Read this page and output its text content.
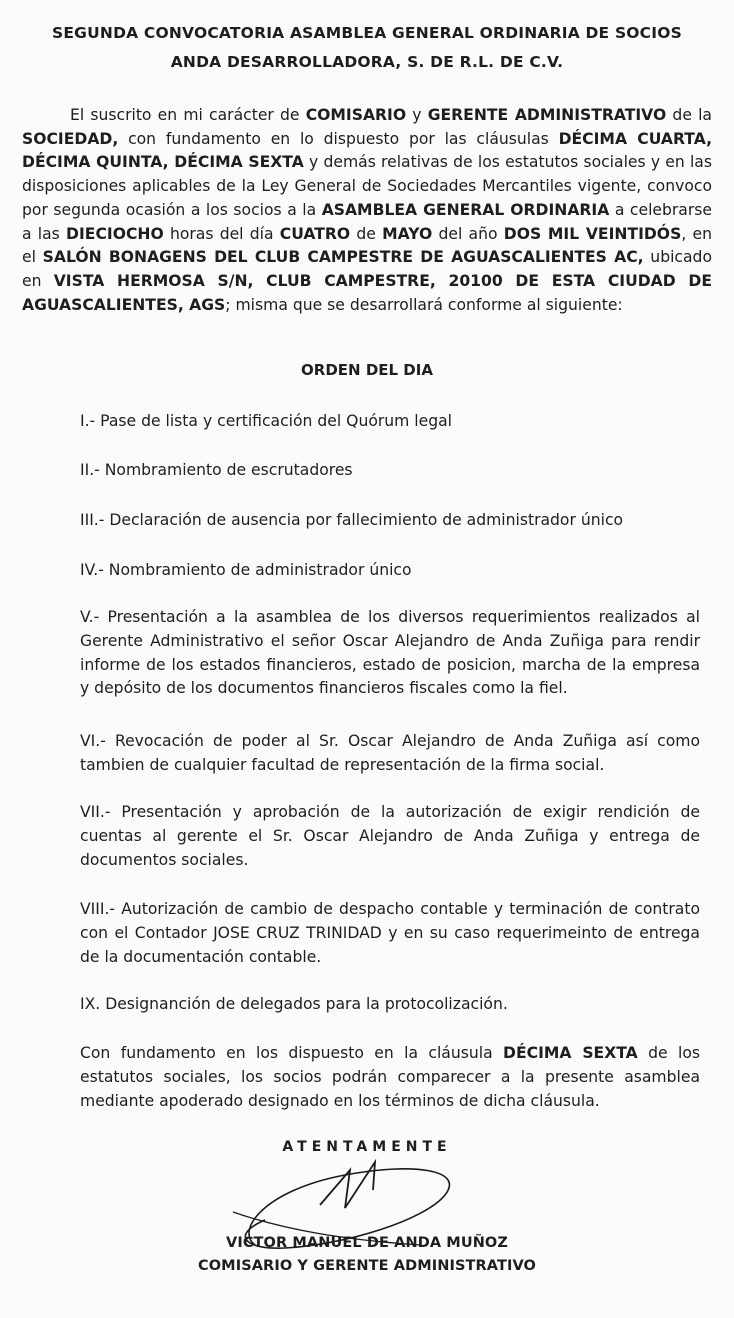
SEGUNDA CONVOCATORIA ASAMBLEA GENERAL ORDINARIA DE SOCIOS
ANDA DESARROLLADORA, S. DE R.L. DE C.V.
El suscrito en mi carácter de COMISARIO y GERENTE ADMINISTRATIVO de la SOCIEDAD, con fundamento en lo dispuesto por las cláusulas DÉCIMA CUARTA, DÉCIMA QUINTA, DÉCIMA SEXTA y demás relativas de los estatutos sociales y en las disposiciones aplicables de la Ley General de Sociedades Mercantiles vigente, convoco por segunda ocasión a los socios a la ASAMBLEA GENERAL ORDINARIA a celebrarse a las DIECIOCHO horas del día CUATRO de MAYO del año DOS MIL VEINTIDÓS, en el SALÓN BONAGENS DEL CLUB CAMPESTRE DE AGUASCALIENTES AC, ubicado en VISTA HERMOSA S/N, CLUB CAMPESTRE, 20100 DE ESTA CIUDAD DE AGUASCALIENTES, AGS; misma que se desarrollará conforme al siguiente:
ORDEN DEL DIA
I.- Pase de lista y certificación del Quórum legal
II.- Nombramiento de escrutadores
III.- Declaración de ausencia por fallecimiento de administrador único
IV.- Nombramiento de administrador único
V.- Presentación a la asamblea de los diversos requerimientos realizados al Gerente Administrativo el señor Oscar Alejandro de Anda Zuñiga para rendir informe de los estados financieros, estado de posicion, marcha de la empresa y depósito de los documentos financieros fiscales como la fiel.
VI.- Revocación de poder al Sr. Oscar Alejandro de Anda Zuñiga así como tambien de cualquier facultad de representación de la firma social.
VII.- Presentación y aprobación de la autorización de exigir rendición de cuentas al gerente el Sr. Oscar Alejandro de Anda Zuñiga y entrega de documentos sociales.
VIII.- Autorización de cambio de despacho contable y terminación de contrato con el Contador JOSE CRUZ TRINIDAD y en su caso requerimeinto de entrega de la documentación contable.
IX. Designanción de delegados para la protocolización.
Con fundamento en los dispuesto en la cláusula DÉCIMA SEXTA de los estatutos sociales, los socios podrán comparecer a la presente asamblea mediante apoderado designado en los términos de dicha cláusula.
ATENTAMENTE
VICTOR MANUEL DE ANDA MUÑOZ
COMISARIO Y GERENTE ADMINISTRATIVO
